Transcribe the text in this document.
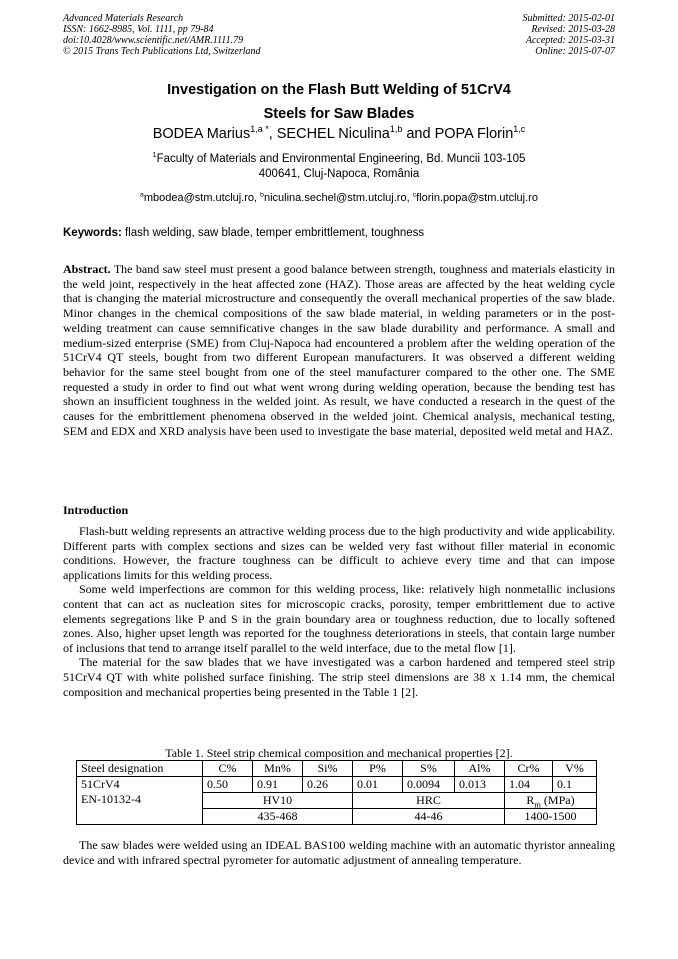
Advanced Materials Research
ISSN: 1662-8985, Vol. 1111, pp 79-84
doi:10.4028/www.scientific.net/AMR.1111.79
© 2015 Trans Tech Publications Ltd, Switzerland
Submitted: 2015-02-01
Revised: 2015-03-28
Accepted: 2015-03-31
Online: 2015-07-07
Investigation on the Flash Butt Welding of 51CrV4
Steels for Saw Blades
BODEA Marius$^{1,a *}$, SECHEL Niculina$^{1,b}$ and POPA Florin$^{1,c}$
$^1$Faculty of Materials and Environmental Engineering, Bd. Muncii 103-105
400641, Cluj-Napoca, România
$^a$mbodea@stm.utcluj.ro, $^b$niculina.sechel@stm.utcluj.ro, $^c$florin.popa@stm.utcluj.ro
Keywords: flash welding, saw blade, temper embrittlement, toughness
Abstract. The band saw steel must present a good balance between strength, toughness and materials elasticity in the weld joint, respectively in the heat affected zone (HAZ). Those areas are affected by the heat welding cycle that is changing the material microstructure and consequently the overall mechanical properties of the saw blade. Minor changes in the chemical compositions of the saw blade material, in welding parameters or in the post-welding treatment can cause semnificative changes in the saw blade durability and performance. A small and medium-sized enterprise (SME) from Cluj-Napoca had encountered a problem after the welding operation of the 51CrV4 QT steels, bought from two different European manufacturers. It was observed a different welding behavior for the same steel bought from one of the steel manufacturer compared to the other one. The SME requested a study in order to find out what went wrong during welding operation, because the bending test has shown an insufficient toughness in the welded joint. As result, we have conducted a research in the quest of the causes for the embrittlement phenomena observed in the welded joint. Chemical analysis, mechanical testing, SEM and EDX and XRD analysis have been used to investigate the base material, deposited weld metal and HAZ.
Introduction

Flash-butt welding represents an attractive welding process due to the high productivity and wide applicability. Different parts with complex sections and sizes can be welded very fast without filler material in economic conditions. However, the fracture toughness can be difficult to achieve every time and that can impose applications limits for this welding process.

Some weld imperfections are common for this welding process, like: relatively high nonmetallic inclusions content that can act as nucleation sites for microscopic cracks, porosity, temper embrittlement due to active elements segregations like P and S in the grain boundary area or toughness reduction, due to locally softened zones. Also, higher upset length was reported for the toughness deteriorations in steels, that contain large number of inclusions that tend to arrange itself parallel to the weld interface, due to the metal flow [1].

The material for the saw blades that we have investigated was a carbon hardened and tempered steel strip 51CrV4 QT with white polished surface finishing. The strip steel dimensions are 38 x 1.14 mm, the chemical composition and mechanical properties being presented in the Table 1 [2].

Table 1. Steel strip chemical composition and mechanical properties [2].
Steel designation	C%	Mn%	Si%	P%	S%	Al%	Cr%	V%

51CrV4
EN-10132-4	0.50	0.91	0.26	0.01	0.0094	0.013	1.04	0.1
	HV10			HRC			$R_m$ (MPa)	
	435-468			44-46			1400-1500	
The saw blades were welded using an IDEAL BAS100 welding machine with an automatic thyristor annealing device and with infrared spectral pyrometer for automatic adjustment of annealing temperature.
